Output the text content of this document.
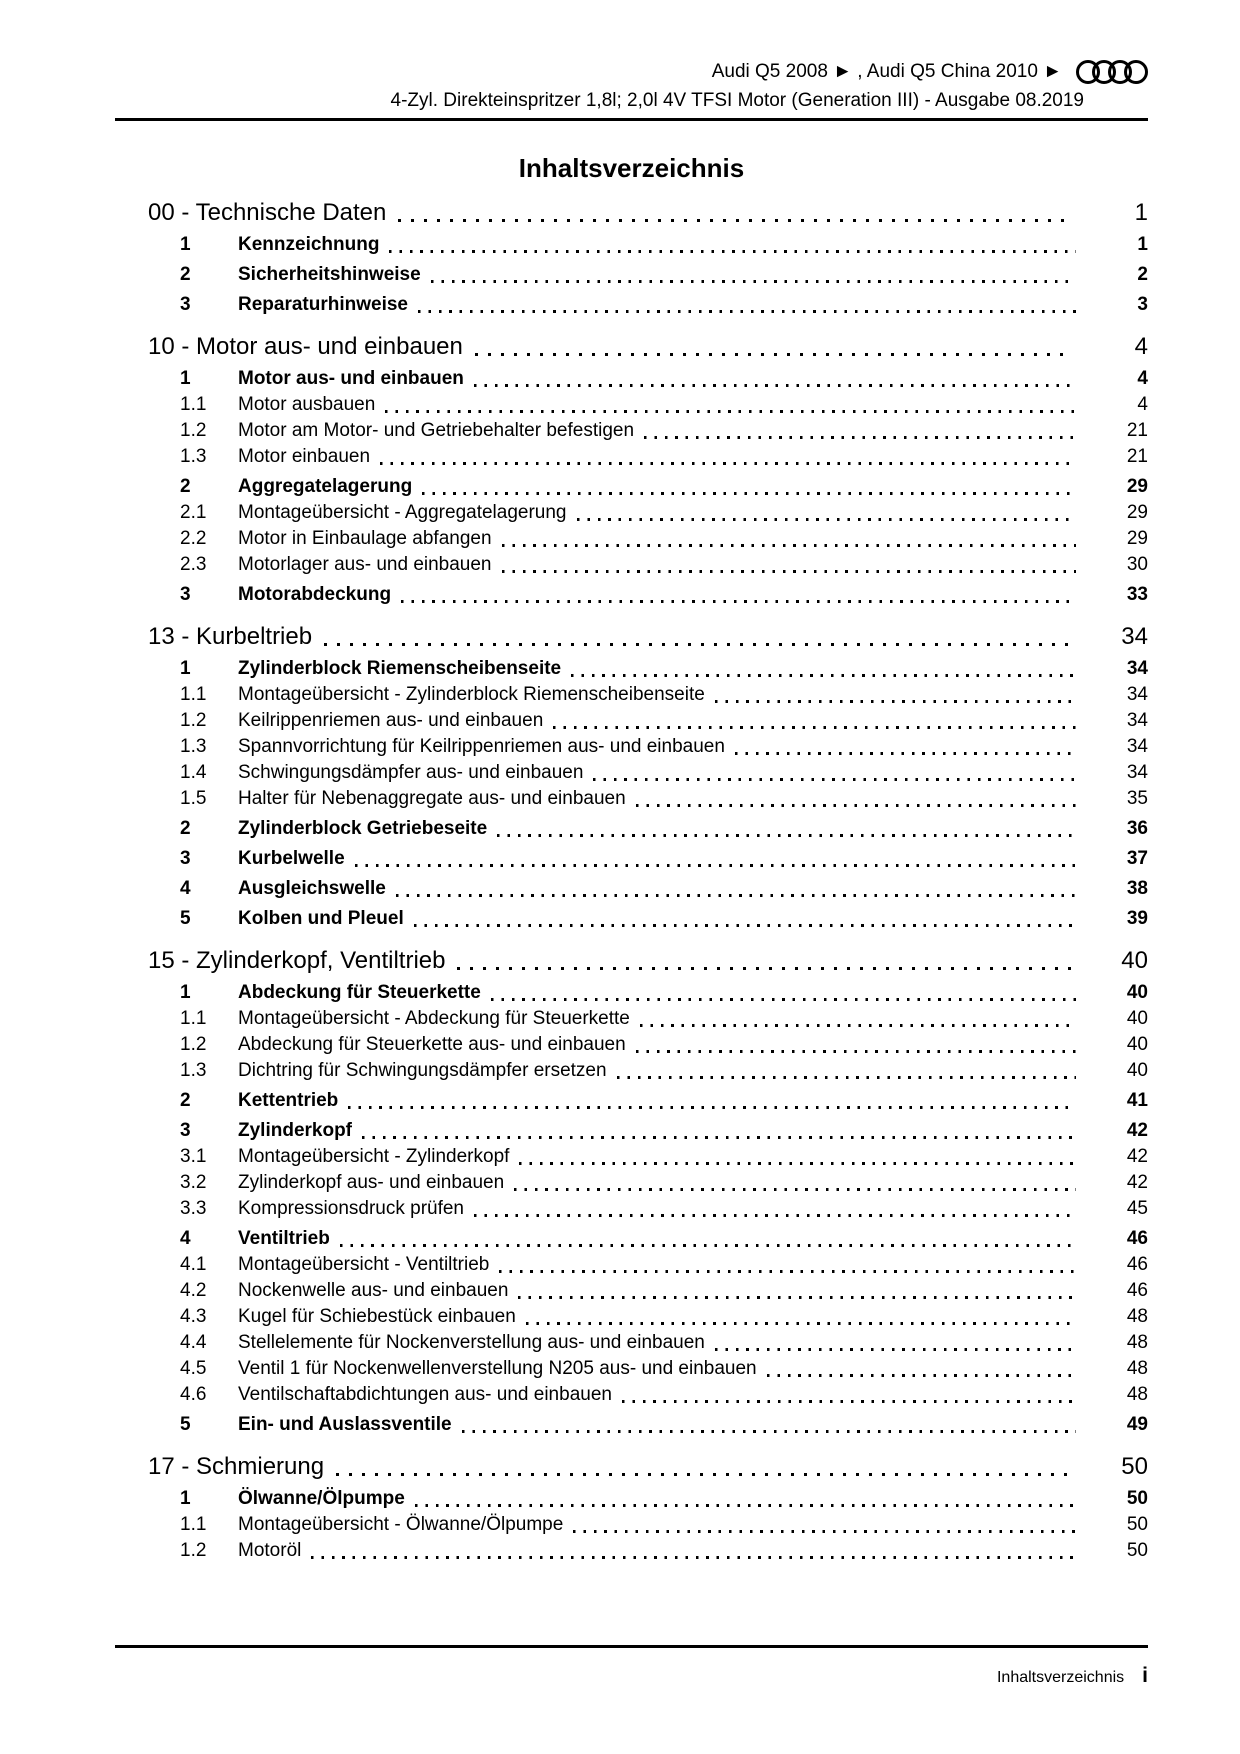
Audi Q5 2008 ► , Audi Q5 China 2010 ►
4-Zyl. Direkteinspritzer 1,8l; 2,0l 4V TFSI Motor (Generation III) - Ausgabe 08.2019
Inhaltsverzeichnis
00 - Technische Daten	1
1	Kennzeichnung	1
2	Sicherheitshinweise	2
3	Reparaturhinweise	3
10 - Motor aus- und einbauen	4
1	Motor aus- und einbauen	4
1.1	Motor ausbauen	4
1.2	Motor am Motor- und Getriebehalter befestigen	21
1.3	Motor einbauen	21
2	Aggregatelagerung	29
2.1	Montageübersicht - Aggregatelagerung	29
2.2	Motor in Einbaulage abfangen	29
2.3	Motorlager aus- und einbauen	30
3	Motorabdeckung	33
13 - Kurbeltrieb	34
1	Zylinderblock Riemenscheibenseite	34
1.1	Montageübersicht - Zylinderblock Riemenscheibenseite	34
1.2	Keilrippenriemen aus- und einbauen	34
1.3	Spannvorrichtung für Keilrippenriemen aus- und einbauen	34
1.4	Schwingungsdämpfer aus- und einbauen	34
1.5	Halter für Nebenaggregate aus- und einbauen	35
2	Zylinderblock Getriebeseite	36
3	Kurbelwelle	37
4	Ausgleichswelle	38
5	Kolben und Pleuel	39
15 - Zylinderkopf, Ventiltrieb	40
1	Abdeckung für Steuerkette	40
1.1	Montageübersicht - Abdeckung für Steuerkette	40
1.2	Abdeckung für Steuerkette aus- und einbauen	40
1.3	Dichtring für Schwingungsdämpfer ersetzen	40
2	Kettentrieb	41
3	Zylinderkopf	42
3.1	Montageübersicht - Zylinderkopf	42
3.2	Zylinderkopf aus- und einbauen	42
3.3	Kompressionsdruck prüfen	45
4	Ventiltrieb	46
4.1	Montageübersicht - Ventiltrieb	46
4.2	Nockenwelle aus- und einbauen	46
4.3	Kugel für Schiebestück einbauen	48
4.4	Stellelemente für Nockenverstellung aus- und einbauen	48
4.5	Ventil 1 für Nockenwellenverstellung N205 aus- und einbauen	48
4.6	Ventilschaftabdichtungen aus- und einbauen	48
5	Ein- und Auslassventile	49
17 - Schmierung	50
1	Ölwanne/Ölpumpe	50
1.1	Montageübersicht - Ölwanne/Ölpumpe	50
1.2	Motoröl	50
Inhaltsverzeichnis i
